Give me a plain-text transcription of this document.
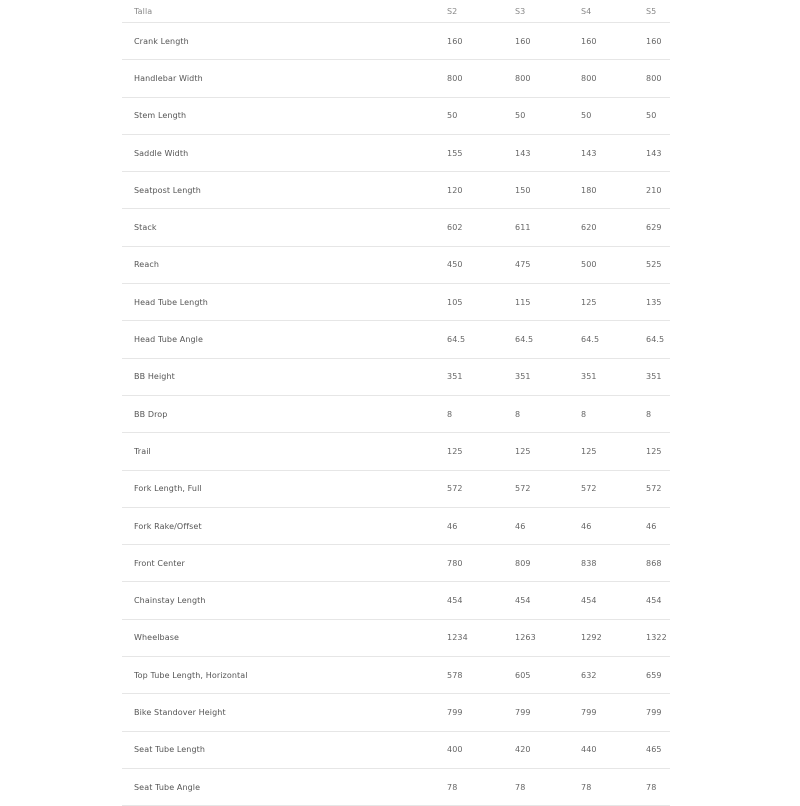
Talla	S2	S3	S4	S5
Crank Length	160	160	160	160
Handlebar Width	800	800	800	800
Stem Length	50	50	50	50
Saddle Width	155	143	143	143
Seatpost Length	120	150	180	210
Stack	602	611	620	629
Reach	450	475	500	525
Head Tube Length	105	115	125	135
Head Tube Angle	64.5	64.5	64.5	64.5
BB Height	351	351	351	351
BB Drop	8	8	8	8
Trail	125	125	125	125
Fork Length, Full	572	572	572	572
Fork Rake/Offset	46	46	46	46
Front Center	780	809	838	868
Chainstay Length	454	454	454	454
Wheelbase	1234	1263	1292	1322
Top Tube Length, Horizontal	578	605	632	659
Bike Standover Height	799	799	799	799
Seat Tube Length	400	420	440	465
Seat Tube Angle	78	78	78	78
